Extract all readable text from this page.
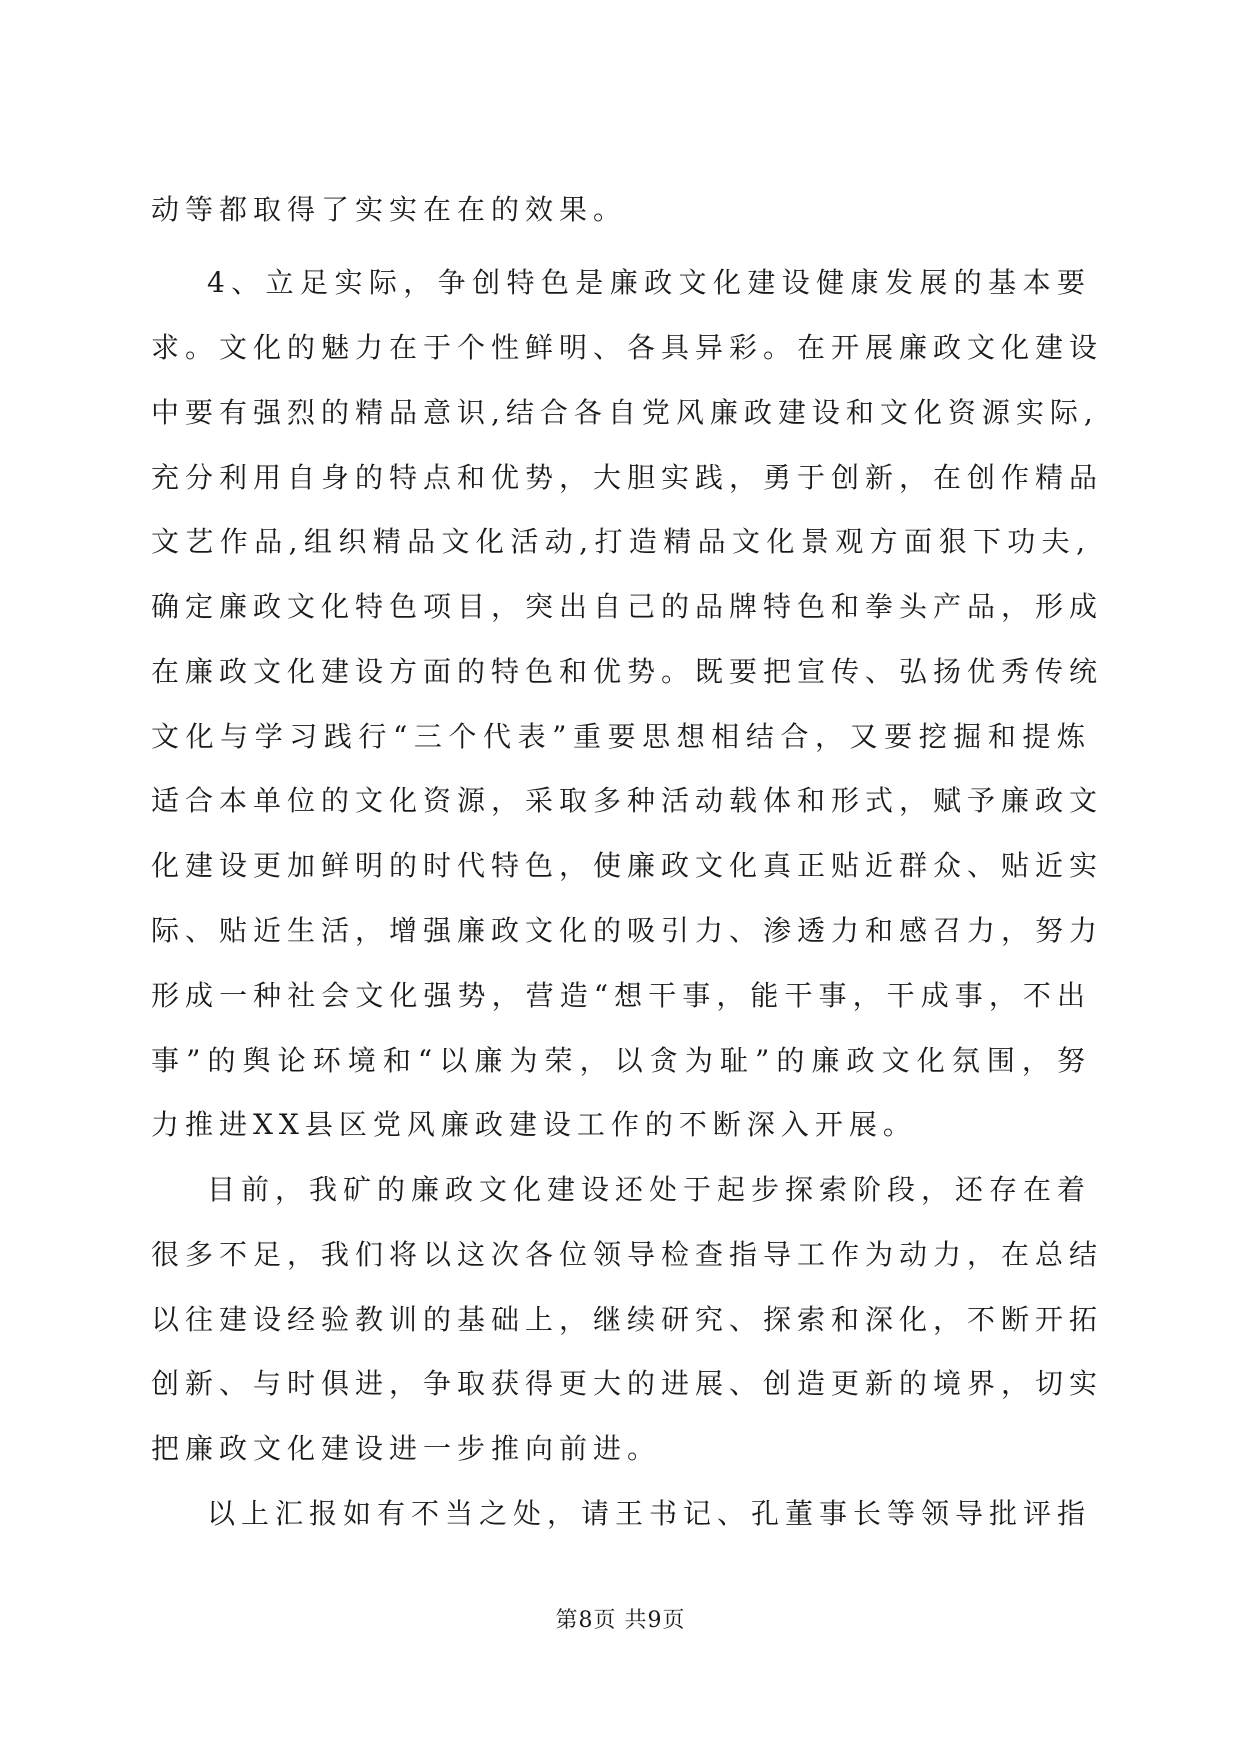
动等都取得了实实在在的效果。
4、立足实际，争创特色是廉政文化建设健康发展的基本要
求。文化的魅力在于个性鲜明、各具异彩。在开展廉政文化建设
中要有强烈的精品意识,结合各自党风廉政建设和文化资源实际,
充分利用自身的特点和优势，大胆实践，勇于创新，在创作精品
文艺作品,组织精品文化活动,打造精品文化景观方面狠下功夫,
确定廉政文化特色项目，突出自己的品牌特色和拳头产品，形成
在廉政文化建设方面的特色和优势。既要把宣传、弘扬优秀传统
文化与学习践行“三个代表”重要思想相结合，又要挖掘和提炼
适合本单位的文化资源，采取多种活动载体和形式，赋予廉政文
化建设更加鲜明的时代特色，使廉政文化真正贴近群众、贴近实
际、贴近生活，增强廉政文化的吸引力、渗透力和感召力，努力
形成一种社会文化强势，营造“想干事，能干事，干成事，不出
事”的舆论环境和“以廉为荣，以贪为耻”的廉政文化氛围，努
力推进XX县区党风廉政建设工作的不断深入开展。
目前，我矿的廉政文化建设还处于起步探索阶段，还存在着
很多不足，我们将以这次各位领导检查指导工作为动力，在总结
以往建设经验教训的基础上，继续研究、探索和深化，不断开拓
创新、与时俱进，争取获得更大的进展、创造更新的境界，切实
把廉政文化建设进一步推向前进。
以上汇报如有不当之处，请王书记、孔董事长等领导批评指
第8页 共9页
